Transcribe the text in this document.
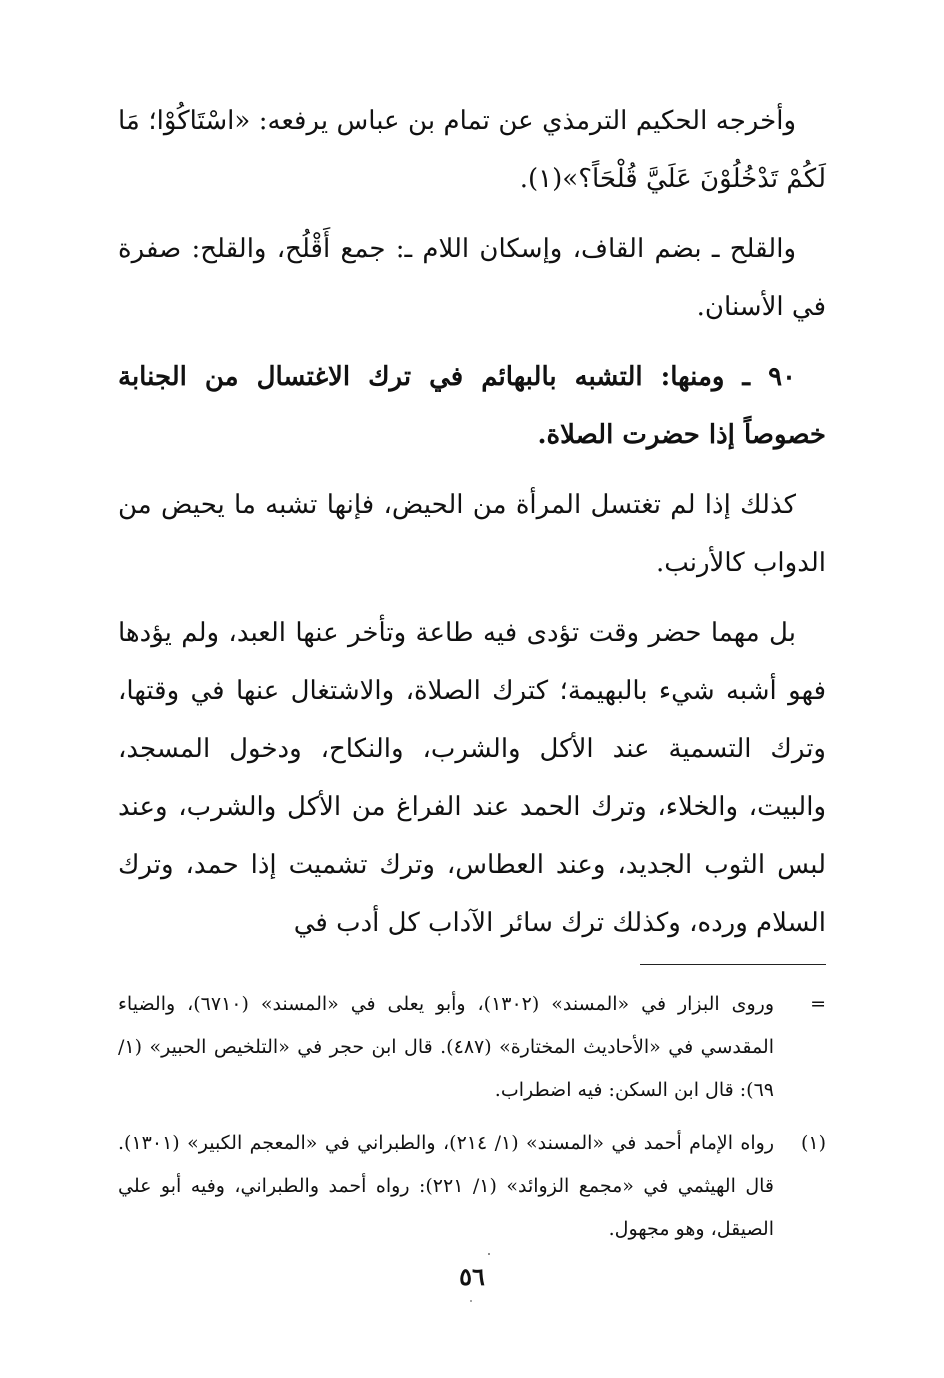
وأخرجه الحكيم الترمذي عن تمام بن عباس يرفعه: «اسْتَاكُوْا؛ مَا لَكُمْ تَدْخُلُوْنَ عَلَيَّ قُلْحَاً؟»(١).

والقلح ـ بضم القاف، وإسكان اللام ـ: جمع أَقْلُح، والقلح: صفرة في الأسنان.

٩٠ ـ ومنها: التشبه بالبهائم في ترك الاغتسال من الجنابة خصوصاً إذا حضرت الصلاة.

كذلك إذا لم تغتسل المرأة من الحيض، فإنها تشبه ما يحيض من الدواب كالأرنب.

بل مهما حضر وقت تؤدى فيه طاعة وتأخر عنها العبد، ولم يؤدها فهو أشبه شيء بالبهيمة؛ كترك الصلاة، والاشتغال عنها في وقتها، وترك التسمية عند الأكل والشرب، والنكاح، ودخول المسجد، والبيت، والخلاء، وترك الحمد عند الفراغ من الأكل والشرب، وعند لبس الثوب الجديد، وعند العطاس، وترك تشميت إذا حمد، وترك السلام ورده، وكذلك ترك سائر الآداب كل أدب في

=
وروى البزار في «المسند» (١٣٠٢)، وأبو يعلى في «المسند» (٦٧١٠)، والضياء المقدسي في «الأحاديث المختارة» (٤٨٧). قال ابن حجر في «التلخيص الحبير» (١/ ٦٩): قال ابن السكن: فيه اضطراب.
(١)
رواه الإمام أحمد في «المسند» (١/ ٢١٤)، والطبراني في «المعجم الكبير» (١٣٠١). قال الهيثمي في «مجمع الزوائد» (١/ ٢٢١): رواه أحمد والطبراني، وفيه أبو علي الصيقل، وهو مجهول.
٥٦
